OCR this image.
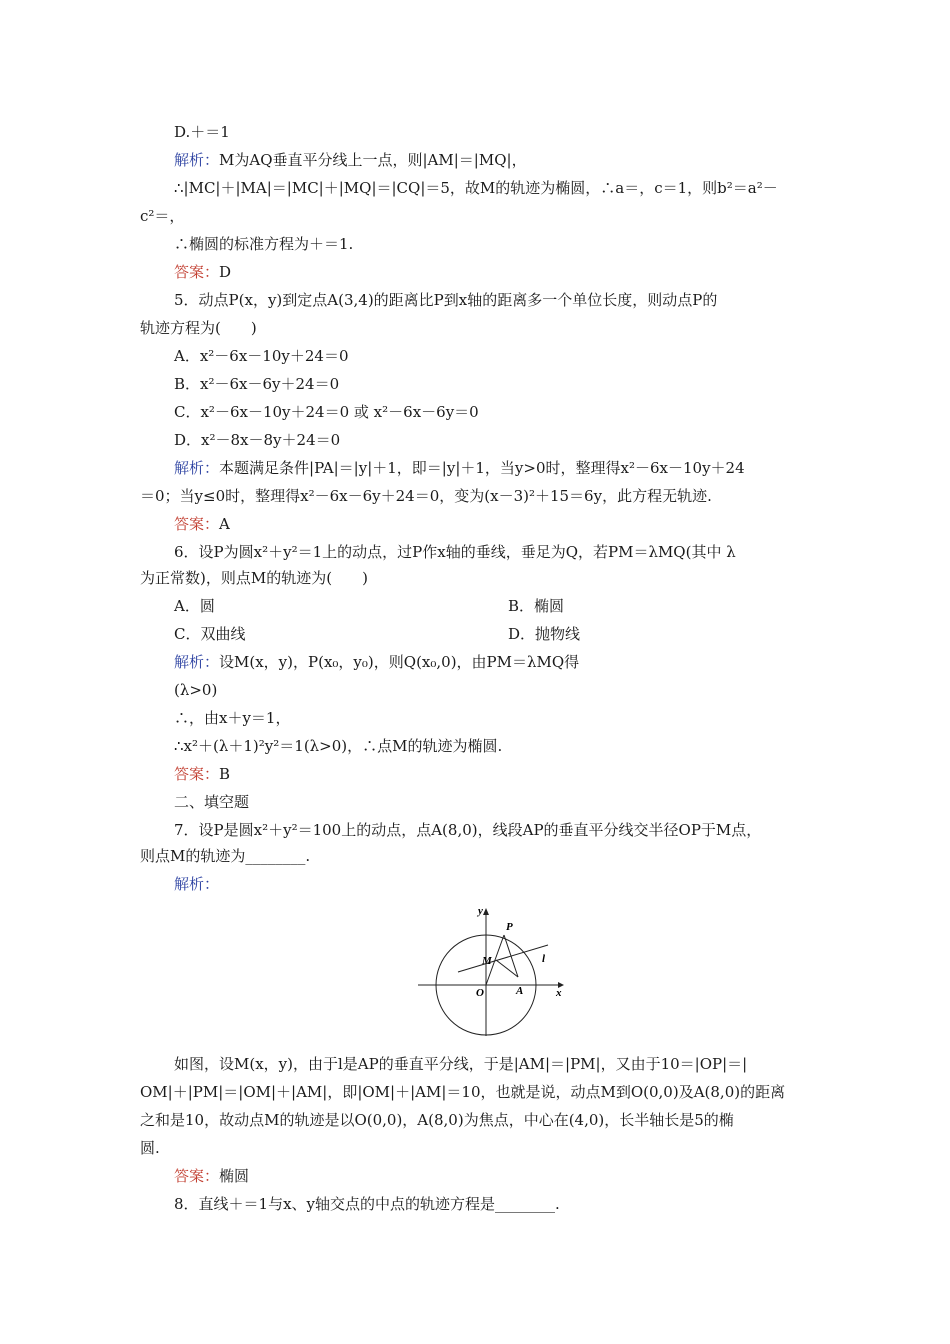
D.＋＝1
解析：M为AQ垂直平分线上一点，则|AM|＝|MQ|，
∴|MC|＋|MA|＝|MC|＋|MQ|＝|CQ|＝5，故M的轨迹为椭圆，∴a＝，c＝1，则b²＝a²－
c²＝，
∴椭圆的标准方程为＋＝1.
答案：D
5．动点P(x，y)到定点A(3,4)的距离比P到x轴的距离多一个单位长度，则动点P的
轨迹方程为(　　)
A．x²－6x－10y＋24＝0
B．x²－6x－6y＋24＝0
C．x²－6x－10y＋24＝0 或 x²－6x－6y＝0
D．x²－8x－8y＋24＝0
解析：本题满足条件|PA|＝|y|＋1，即＝|y|＋1，当y>0时，整理得x²－6x－10y＋24
＝0；当y≤0时，整理得x²－6x－6y＋24＝0，变为(x－3)²＋15＝6y，此方程无轨迹.
答案：A
6．设P为圆x²＋y²＝1上的动点，过P作x轴的垂线，垂足为Q，若PM＝λMQ(其中 λ
为正常数)，则点M的轨迹为(　　)
A．圆	B．椭圆
C．双曲线	D．抛物线
解析：设M(x，y)，P(x₀，y₀)，则Q(x₀,0)，由PM＝λMQ得
(λ>0)
∴，由x＋y＝1，
∴x²＋(λ＋1)²y²＝1(λ>0)，∴点M的轨迹为椭圆.
答案：B
二、填空题
7．设P是圆x²＋y²＝100上的动点，点A(8,0)，线段AP的垂直平分线交半径OP于M点，
则点M的轨迹为________.
解析：
y
P
M	l
O	A	x
如图，设M(x，y)，由于l是AP的垂直平分线，于是|AM|＝|PM|，又由于10＝|OP|＝|
OM|＋|PM|＝|OM|＋|AM|，即|OM|＋|AM|＝10，也就是说，动点M到O(0,0)及A(8,0)的距离
之和是10，故动点M的轨迹是以O(0,0)，A(8,0)为焦点，中心在(4,0)，长半轴长是5的椭
圆.
答案：椭圆
8．直线＋＝1与x、y轴交点的中点的轨迹方程是________.
